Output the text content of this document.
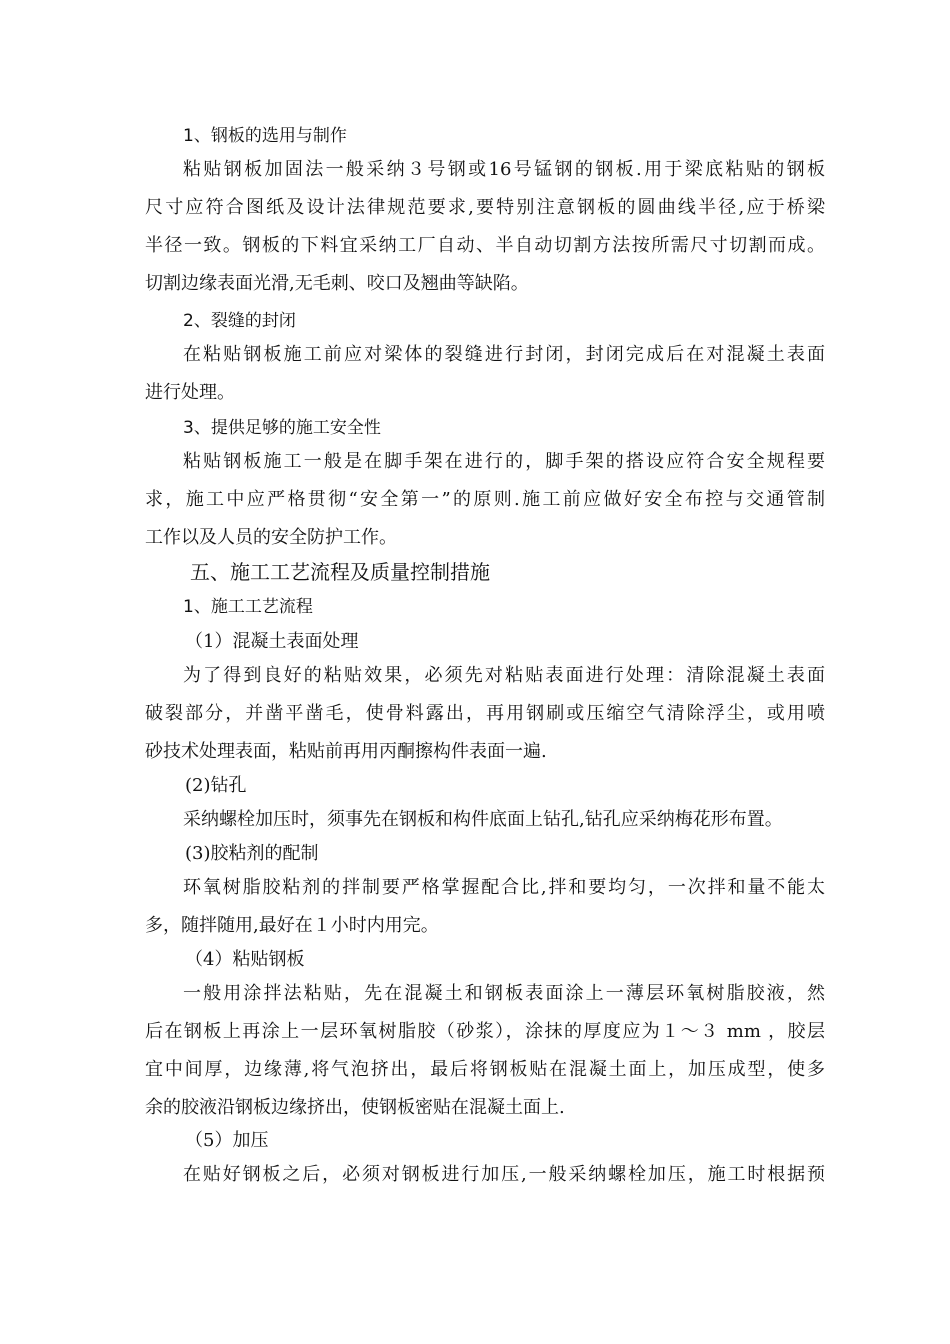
1、钢板的选用与制作
粘贴钢板加固法一般采纳３号钢或16号锰钢的钢板.用于梁底粘贴的钢板
尺寸应符合图纸及设计法律规范要求,要特别注意钢板的圆曲线半径,应于桥梁
半径一致。钢板的下料宜采纳工厂自动、半自动切割方法按所需尺寸切割而成。
切割边缘表面光滑,无毛刺、咬口及翘曲等缺陷。
2、裂缝的封闭
在粘贴钢板施工前应对梁体的裂缝进行封闭，封闭完成后在对混凝土表面
进行处理。
3、提供足够的施工安全性
粘贴钢板施工一般是在脚手架在进行的，脚手架的搭设应符合安全规程要
求，施工中应严格贯彻“安全第一”的原则.施工前应做好安全布控与交通管制
工作以及人员的安全防护工作。
五、施工工艺流程及质量控制措施
1、施工工艺流程
（1）混凝土表面处理
为了得到良好的粘贴效果，必须先对粘贴表面进行处理：清除混凝土表面
破裂部分，并凿平凿毛，使骨料露出，再用钢刷或压缩空气清除浮尘，或用喷
砂技术处理表面，粘贴前再用丙酮擦构件表面一遍.
(2)钻孔
采纳螺栓加压时，须事先在钢板和构件底面上钻孔,钻孔应采纳梅花形布置。
(3)胶粘剂的配制
环氧树脂胶粘剂的拌制要严格掌握配合比,拌和要均匀，一次拌和量不能太
多，随拌随用,最好在１小时内用完。
（4）粘贴钢板
一般用涂拌法粘贴，先在混凝土和钢板表面涂上一薄层环氧树脂胶液，然
后在钢板上再涂上一层环氧树脂胶（砂浆），涂抹的厚度应为１～３ mm ，胶层
宜中间厚，边缘薄,将气泡挤出，最后将钢板贴在混凝土面上，加压成型，使多
余的胶液沿钢板边缘挤出，使钢板密贴在混凝土面上.
（5）加压
在贴好钢板之后，必须对钢板进行加压,一般采纳螺栓加压，施工时根据预
